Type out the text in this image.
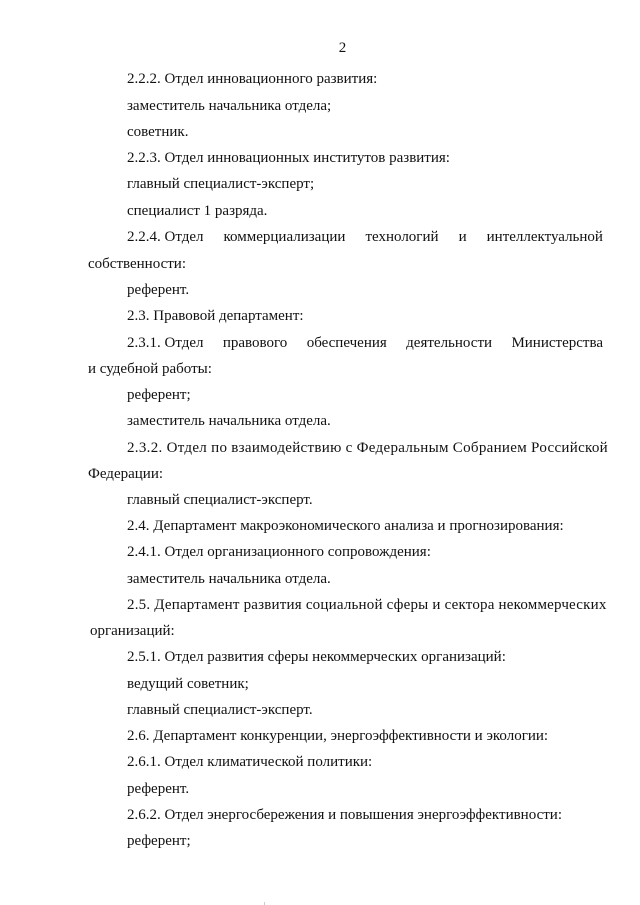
2
2.2.2. Отдел инновационного развития:
заместитель начальника отдела;
советник.
2.2.3. Отдел инновационных институтов развития:
главный специалист-эксперт;
специалист 1 разряда.
2.2.4. Отдел коммерциализации технологий и интеллектуальной
собственности:
референт.
2.3. Правовой департамент:
2.3.1. Отдел правового обеспечения деятельности Министерства
и судебной работы:
референт;
заместитель начальника отдела.
2.3.2. Отдел по взаимодействию с Федеральным Собранием Российской
Федерации:
главный специалист-эксперт.
2.4. Департамент макроэкономического анализа и прогнозирования:
2.4.1. Отдел организационного сопровождения:
заместитель начальника отдела.
2.5. Департамент развития социальной сферы и сектора некоммерческих
организаций:
2.5.1. Отдел развития сферы некоммерческих организаций:
ведущий советник;
главный специалист-эксперт.
2.6. Департамент конкуренции, энергоэффективности и экологии:
2.6.1. Отдел климатической политики:
референт.
2.6.2. Отдел энергосбережения и повышения энергоэффективности:
референт;
